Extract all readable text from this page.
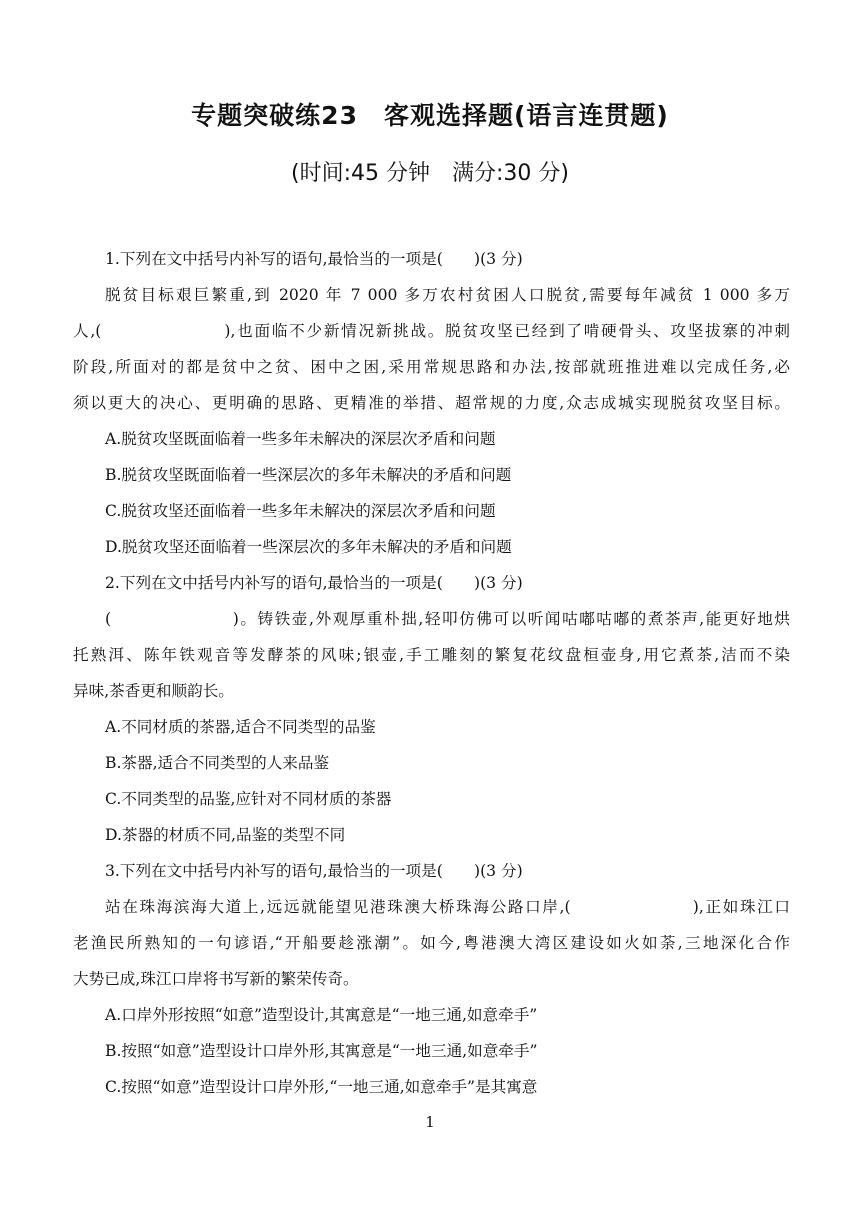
专题突破练23　客观选择题(语言连贯题)
(时间:45 分钟　满分:30 分)
1.下列在文中括号内补写的语句,最恰当的一项是(　　)(3 分)
脱贫目标艰巨繁重,到 2020 年 7 000 多万农村贫困人口脱贫,需要每年减贫 1 000 多万
人,(　　　　　　　),也面临不少新情况新挑战。脱贫攻坚已经到了啃硬骨头、攻坚拔寨的冲刺
阶段,所面对的都是贫中之贫、困中之困,采用常规思路和办法,按部就班推进难以完成任务,必
须以更大的决心、更明确的思路、更精准的举措、超常规的力度,众志成城实现脱贫攻坚目标。
A.脱贫攻坚既面临着一些多年未解决的深层次矛盾和问题
B.脱贫攻坚既面临着一些深层次的多年未解决的矛盾和问题
C.脱贫攻坚还面临着一些多年未解决的深层次矛盾和问题
D.脱贫攻坚还面临着一些深层次的多年未解决的矛盾和问题
2.下列在文中括号内补写的语句,最恰当的一项是(　　)(3 分)
(　　　　　　　)。铸铁壶,外观厚重朴拙,轻叩仿佛可以听闻咕嘟咕嘟的煮茶声,能更好地烘
托熟洱、陈年铁观音等发酵茶的风味;银壶,手工雕刻的繁复花纹盘桓壶身,用它煮茶,洁而不染
异味,茶香更和顺韵长。
A.不同材质的茶器,适合不同类型的品鉴
B.茶器,适合不同类型的人来品鉴
C.不同类型的品鉴,应针对不同材质的茶器
D.茶器的材质不同,品鉴的类型不同
3.下列在文中括号内补写的语句,最恰当的一项是(　　)(3 分)
站在珠海滨海大道上,远远就能望见港珠澳大桥珠海公路口岸,(　　　　　　　),正如珠江口
老渔民所熟知的一句谚语,“开船要趁涨潮”。如今,粤港澳大湾区建设如火如荼,三地深化合作
大势已成,珠江口岸将书写新的繁荣传奇。
A.口岸外形按照“如意”造型设计,其寓意是“一地三通,如意牵手”
B.按照“如意”造型设计口岸外形,其寓意是“一地三通,如意牵手”
C.按照“如意”造型设计口岸外形,“一地三通,如意牵手”是其寓意
1
